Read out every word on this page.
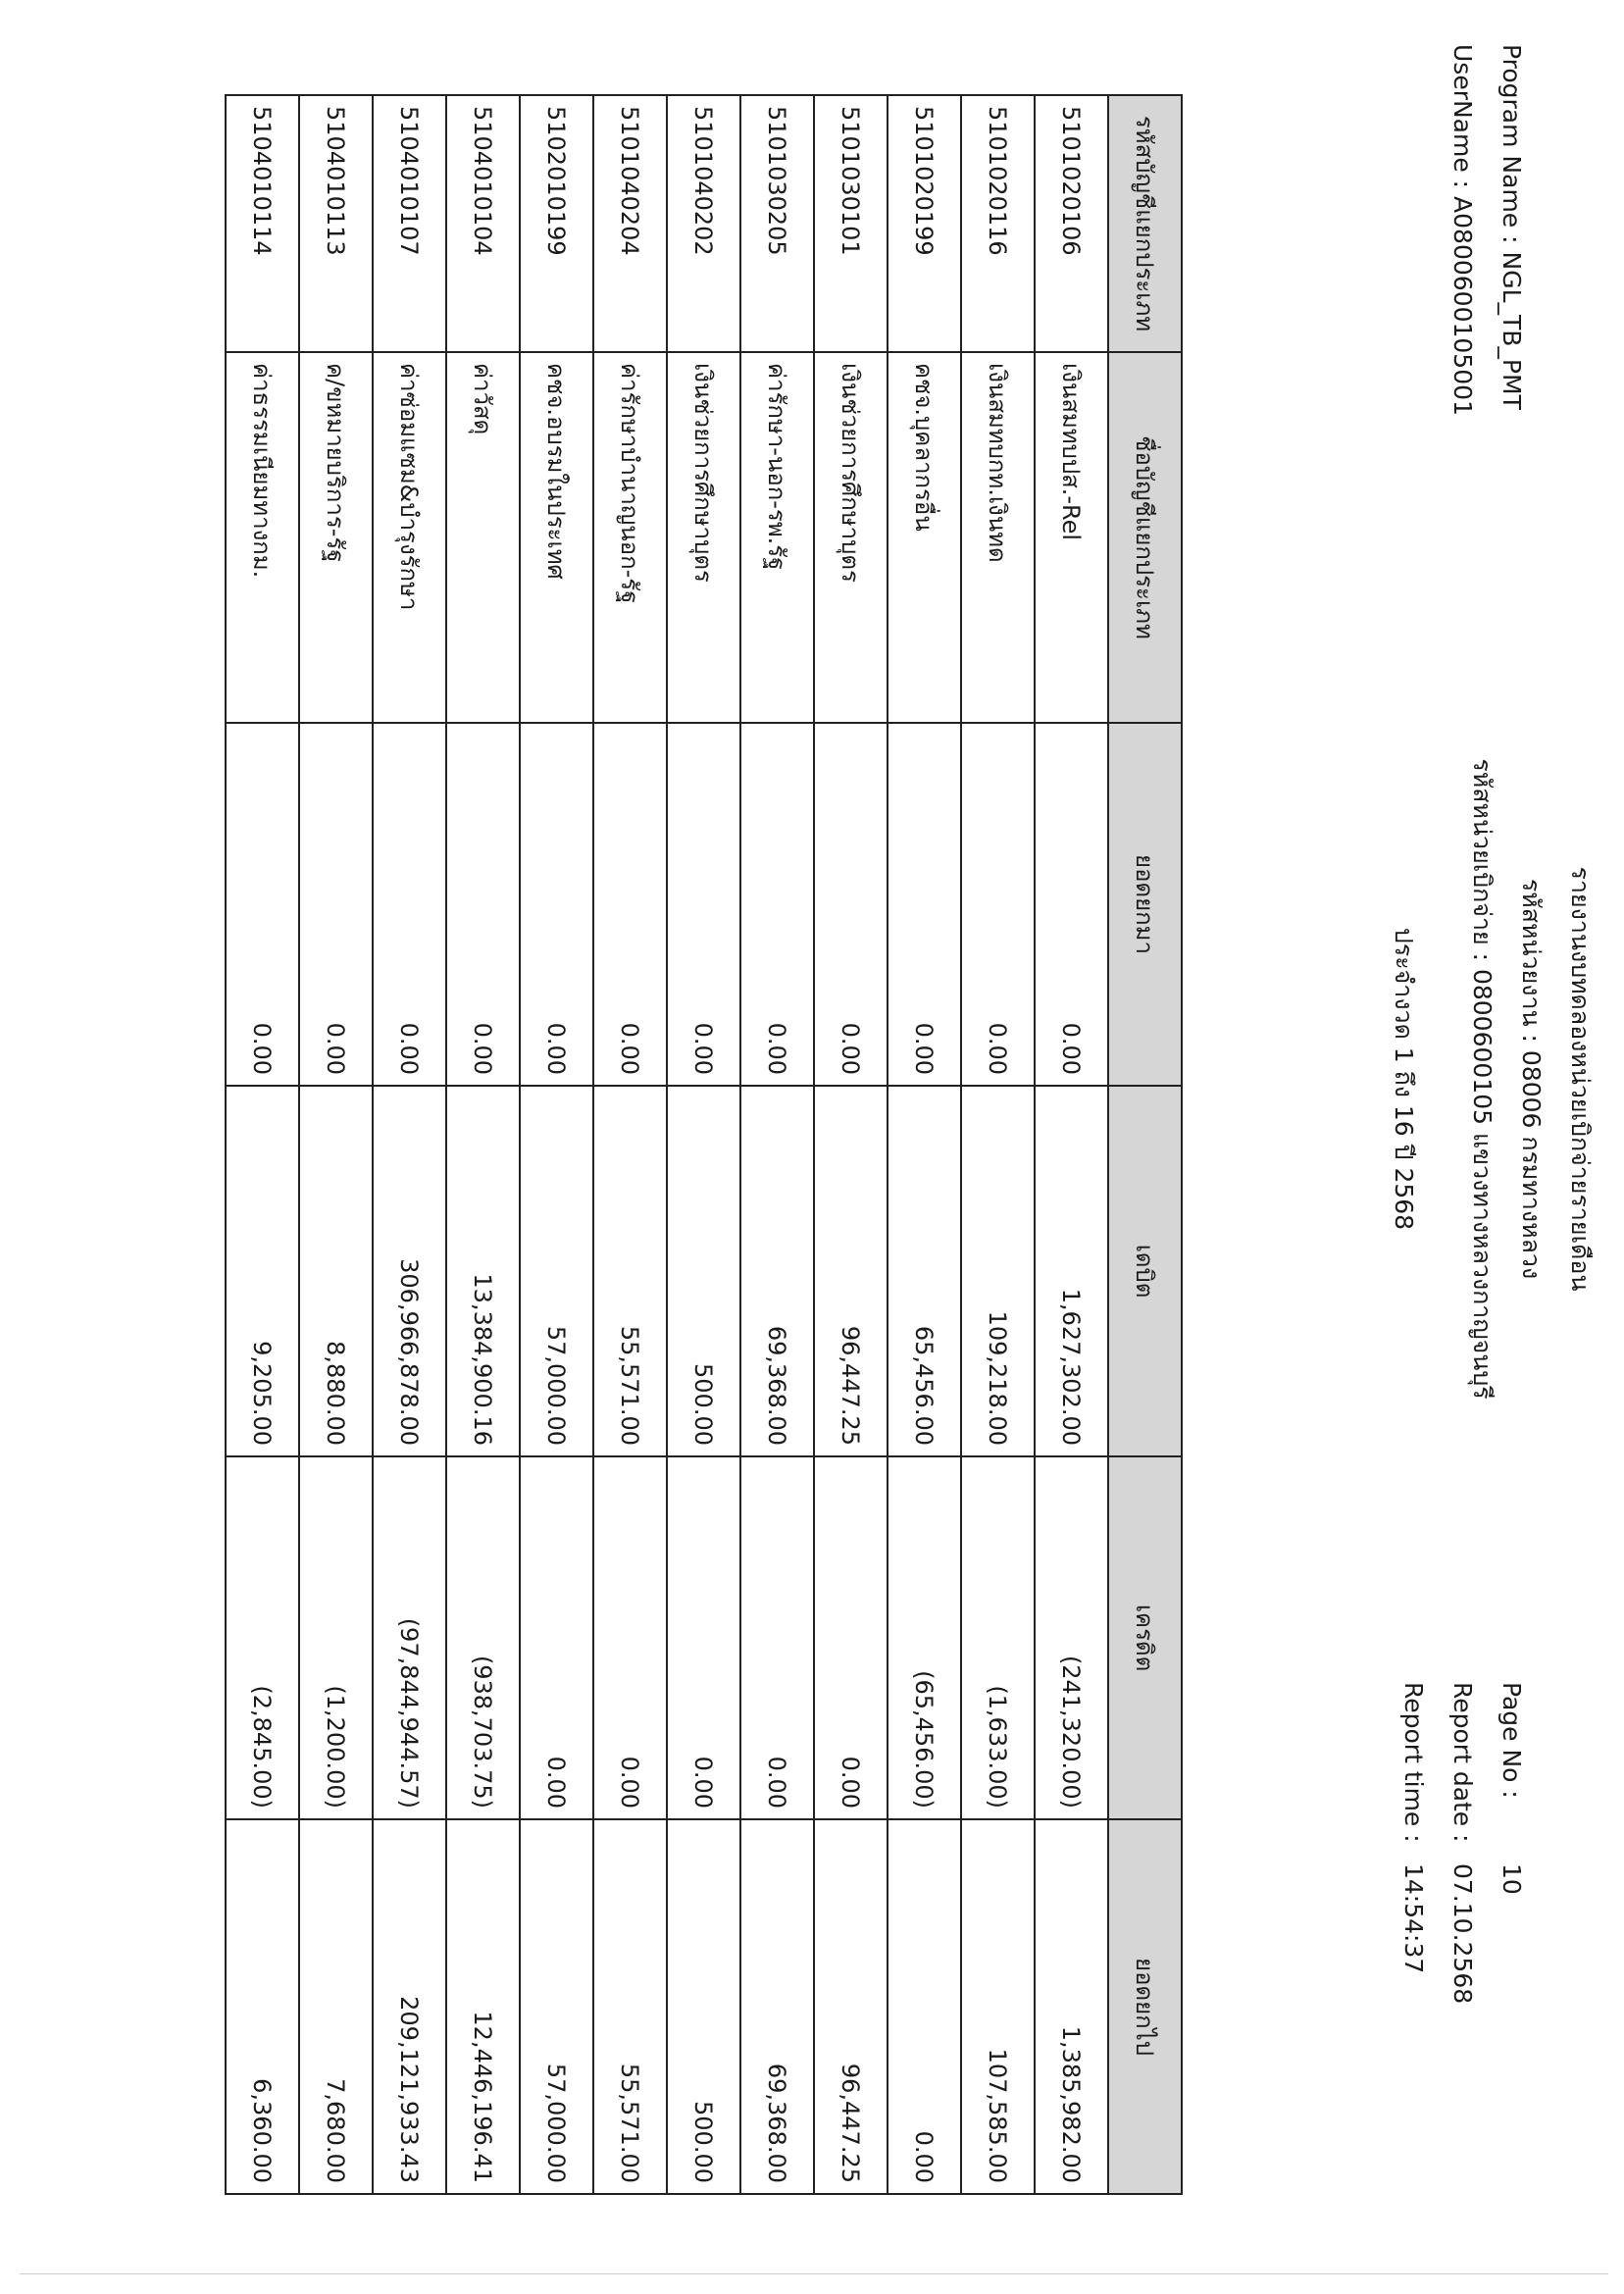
Program Name : NGL_TB_PMT
UserName : A080060010​5001
รายงานงบทดลองหน่วยเบิกจ่ายรายเดือน
รหัสหน่วยงาน : 08006 กรมทางหลวง
รหัสหน่วยเบิกจ่าย : 0800600105 แขวงทางหลวงกาญจนบุรี
ประจำงวด 1 ถึง 16 ปี 2568
Page No :
10
Report date :
07.10.2568
Report time :
14:54:37
รหัสบัญชีแยกประเภท	ชื่อบัญชีแยกประเภท	ยอดยกมา	เดบิต	เครดิต	ยอดยกไป
5101020106	เงินสมทบปส.-Rel	0.00	1,627,302.00	(241,320.00)	1,385,982.00
5101020116	เงินสมทบกท.เงินทด	0.00	109,218.00	(1,633.00)	107,585.00
5101020199	คชจ.บุคลากรอื่น	0.00	65,456.00	(65,456.00)	0.00
5101030101	เงินช่วยการศึกษาบุตร	0.00	96,447.25	0.00	96,447.25
5101030205	ค่ารักษา-นอก-รพ.รัฐ	0.00	69,368.00	0.00	69,368.00
5101040202	เงินช่วยการศึกษาบุตร	0.00	500.00	0.00	500.00
5101040204	ค่ารักษาบำนาญนอก-รัฐ	0.00	55,571.00	0.00	55,571.00
5102010199	คชจ.อบรมในประเทศ	0.00	57,000.00	0.00	57,000.00
5104010104	ค่าวัสดุ	0.00	13,384,900.16	(938,703.75)	12,446,196.41
5104010107	ค่าซ่อมแซม&บำรุงรักษา	0.00	306,966,878.00	(97,844,944.57)	209,121,933.43
5104010113	ค/ขหมายบริการ-รัฐ	0.00	8,880.00	(1,200.00)	7,680.00
5104010114	ค่าธรรมเนียมทางกม.	0.00	9,205.00	(2,845.00)	6,360.00
